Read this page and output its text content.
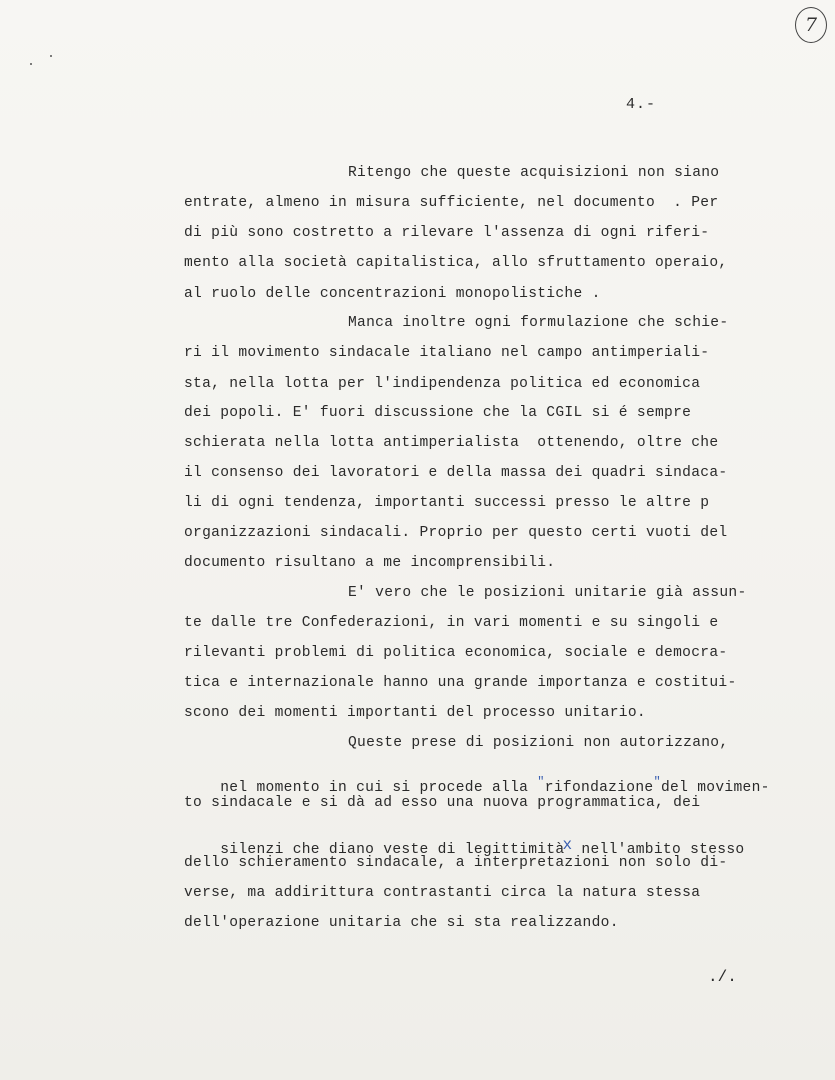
7
4.-
Ritengo che queste acquisizioni non siano
entrate, almeno in misura sufficiente, nel documento  . Per
di più sono costretto a rilevare l'assenza di ogni riferi-
mento alla società capitalistica, allo sfruttamento operaio,
al ruolo delle concentrazioni monopolistiche .
Manca inoltre ogni formulazione che schie-
ri il movimento sindacale italiano nel campo antimperiali-
sta, nella lotta per l'indipendenza politica ed economica
dei popoli. E' fuori discussione che la CGIL si é sempre
schierata nella lotta antimperialista  ottenendo, oltre che
il consenso dei lavoratori e della massa dei quadri sindaca-
li di ogni tendenza, importanti successi presso le altre p
organizzazioni sindacali. Proprio per questo certi vuoti del
documento risultano a me incomprensibili.
E' vero che le posizioni unitarie già assun-
te dalle tre Confederazioni, in vari momenti e su singoli e
rilevanti problemi di politica economica, sociale e democra-
tica e internazionale hanno una grande importanza e costitui-
scono dei momenti importanti del processo unitario.
Queste prese di posizioni non autorizzano,

nel momento in cui si procede alla "rifondazione"del movimen-

to sindacale e si dà ad esso una nuova programmatica, dei

silenzi che diano veste di legittimitàx nell'ambito stesso

dello schieramento sindacale, a interpretazioni non solo di-
verse, ma addirittura contrastanti circa la natura stessa
dell'operazione unitaria che si sta realizzando.
./.
